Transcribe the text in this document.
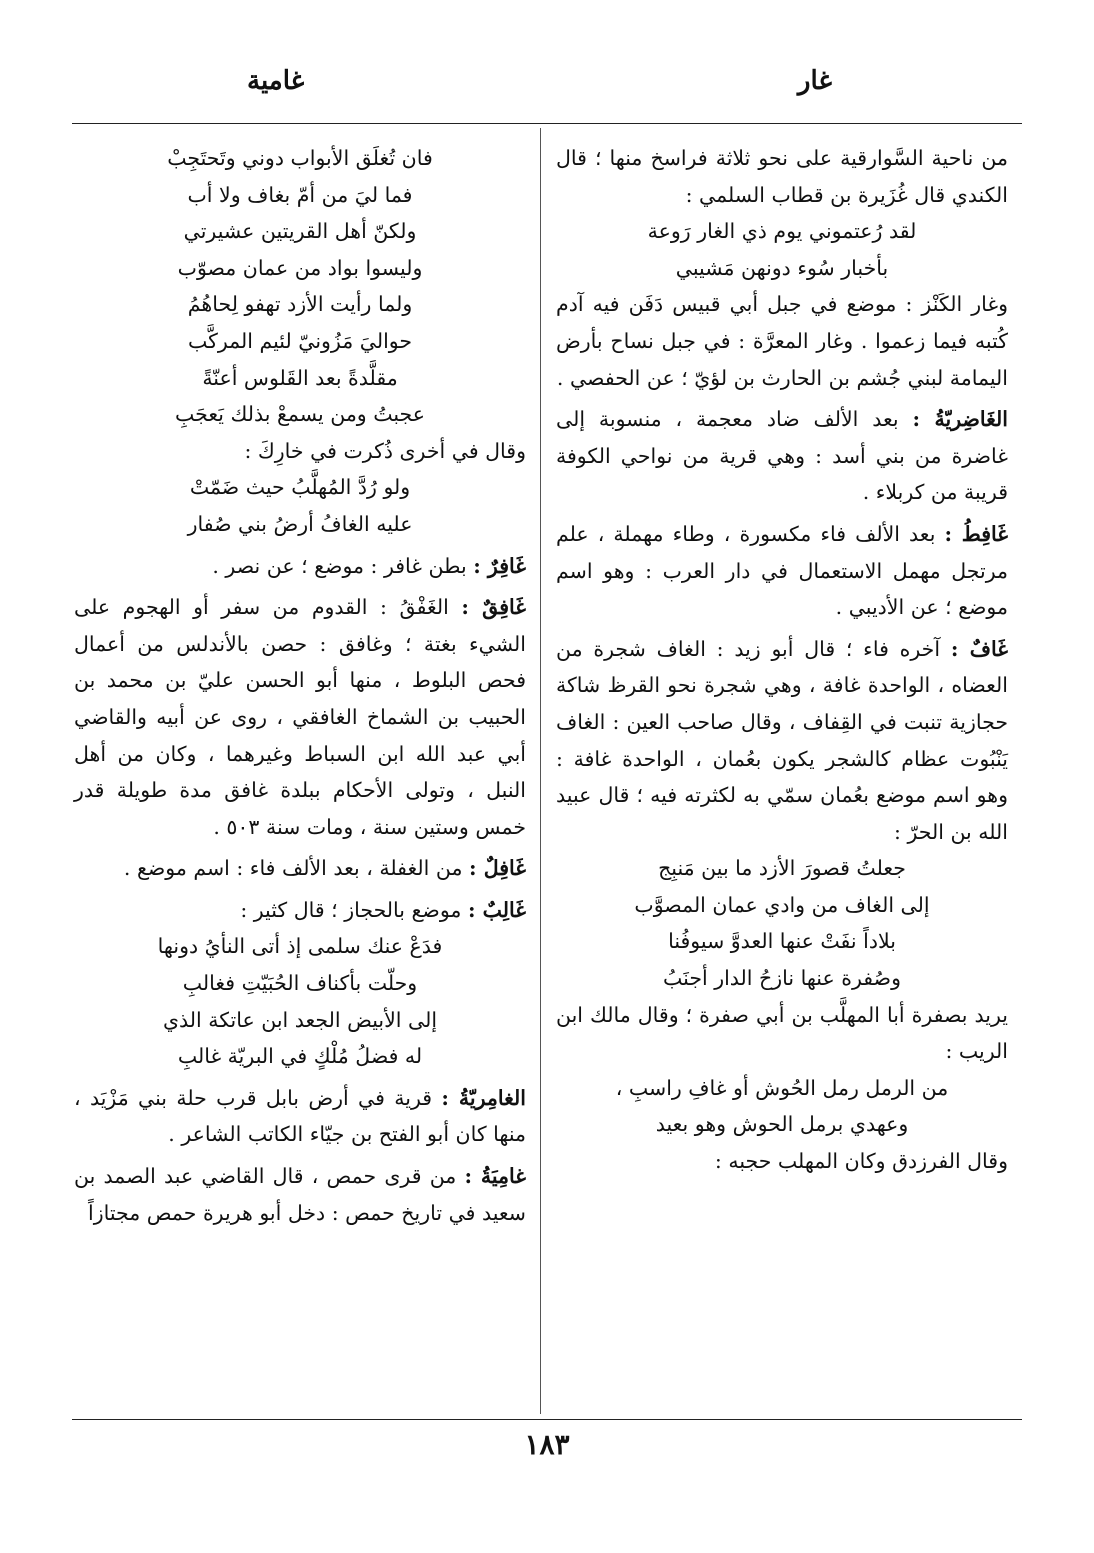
غار
غامية
من ناحية السَّوارقية على نحو ثلاثة فراسخ منها ؛ قال الكندي قال غُزَيرة بن قطاب السلمي :
لقد رُعتموني يوم ذي الغار رَوعة
بأخبار سُوء دونهن مَشيبي
وغار الكَنْز : موضع في جبل أبي قبيس دَفَن فيه آدم كُتبه فيما زعموا . وغار المعرَّة : في جبل نساح بأرض اليمامة لبني جُشم بن الحارث بن لؤيّ ؛ عن الحفصي .
الغَاضِريّةُ : بعد الألف ضاد معجمة ، منسوبة إلى غاضرة من بني أسد : وهي قرية من نواحي الكوفة قريبة من كربلاء .
غَافِطُ : بعد الألف فاء مكسورة ، وطاء مهملة ، علم مرتجل مهمل الاستعمال في دار العرب : وهو اسم موضع ؛ عن الأديبي .
غَافٌ : آخره فاء ؛ قال أبو زيد : الغاف شجرة من العضاه ، الواحدة غافة ، وهي شجرة نحو القرظ شاكة حجازية تنبت في القِفاف ، وقال صاحب العين : الغاف يَنْبُوت عظام كالشجر يكون بعُمان ، الواحدة غافة : وهو اسم موضع بعُمان سمّي به لكثرته فيه ؛ قال عبيد الله بن الحرّ :
جعلتُ قصورَ الأزد ما بين مَنبِج
إلى الغاف من وادي عمان المصوَّب
بلاداً نفَتْ عنها العدوَّ سيوفُنا
وصُفرة عنها نازحُ الدار أجنَبُ
يريد بصفرة أبا المهلَّب بن أبي صفرة ؛ وقال مالك ابن الريب :
من الرمل رمل الحُوش أو غافِ راسبِ ،
وعهدي برمل الحوش وهو بعيد
وقال الفرزدق وكان المهلب حجبه :
فان تُغلَق الأبواب دوني وتَحتَجِبْ
فما ليَ من أمّ بغاف ولا أب
ولكنّ أهل القريتين عشيرتي
وليسوا بواد من عمان مصوّب
ولما رأيت الأزد تهفو لِحاهُمُ
حواليَ مَزُونيّ لئيم المركَّب
مقلَّدةً بعد القَلوس أعنّةً
عجبتُ ومن يسمعْ بذلك يَعجَبِ
وقال في أخرى ذُكرت في خارِكَ :
ولو رُدَّ المُهلَّبُ حيث ضَمّتْ
عليه الغافُ أرضُ بني صُفار
غَافِرٌ : بطن غافر : موضع ؛ عن نصر .
غَافِقٌ : الغَفْقُ : القدوم من سفر أو الهجوم على الشيء بغتة ؛ وغافق : حصن بالأندلس من أعمال فحص البلوط ، منها أبو الحسن عليّ بن محمد بن الحبيب بن الشماخ الغافقي ، روى عن أبيه والقاضي أبي عبد الله ابن السباط وغيرهما ، وكان من أهل النبل ، وتولى الأحكام ببلدة غافق مدة طويلة قدر خمس وستين سنة ، ومات سنة ٥٠٣ .
غَافِلٌ : من الغفلة ، بعد الألف فاء : اسم موضع .
غَالِبٌ : موضع بالحجاز ؛ قال كثير :
فدَعْ عنك سلمى إذ أتى النأيُ دونها
وحلّت بأكناف الحُبَيّتِ فغالبِ
إلى الأبيض الجعد ابن عاتكة الذي
له فضلُ مُلْكٍ في البريّة غالبِ
الغامِريّةُ : قرية في أرض بابل قرب حلة بني مَزْيَد ، منها كان أبو الفتح بن جيّاء الكاتب الشاعر .
غامِيَةُ : من قرى حمص ، قال القاضي عبد الصمد بن سعيد في تاريخ حمص : دخل أبو هريرة حمص مجتازاً
١٨٣
